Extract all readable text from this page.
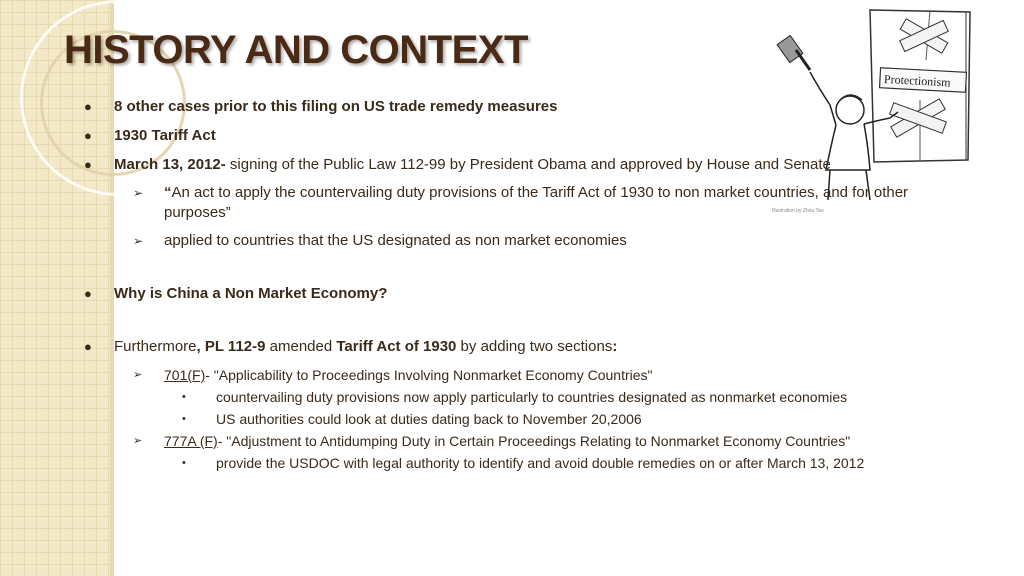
HISTORY AND CONTEXT
Protectionism
Illustration by Zhou Tao
● 8 other cases prior to this filing on US trade remedy measures
● 1930 Tariff Act
● March 13, 2012- signing of the Public Law 112-99 by President Obama and approved by House and Senate
➢ “An act to apply the countervailing duty provisions of the Tariff Act of 1930 to non market countries, and for other purposes”
➢ applied to countries that the US designated as non market economies
● Why is China a Non Market Economy?
● Furthermore, PL 112-9 amended Tariff Act of 1930 by adding two sections:
➢ 701(F)- "Applicability to Proceedings Involving Nonmarket Economy Countries"
• countervailing duty provisions now apply particularly to countries designated as nonmarket economies
• US authorities could look at duties dating back to November 20,2006
➢ 777A (F)- "Adjustment to Antidumping Duty in Certain Proceedings Relating to Nonmarket Economy Countries"
• provide the USDOC with legal authority to identify and avoid double remedies on or after March 13, 2012
